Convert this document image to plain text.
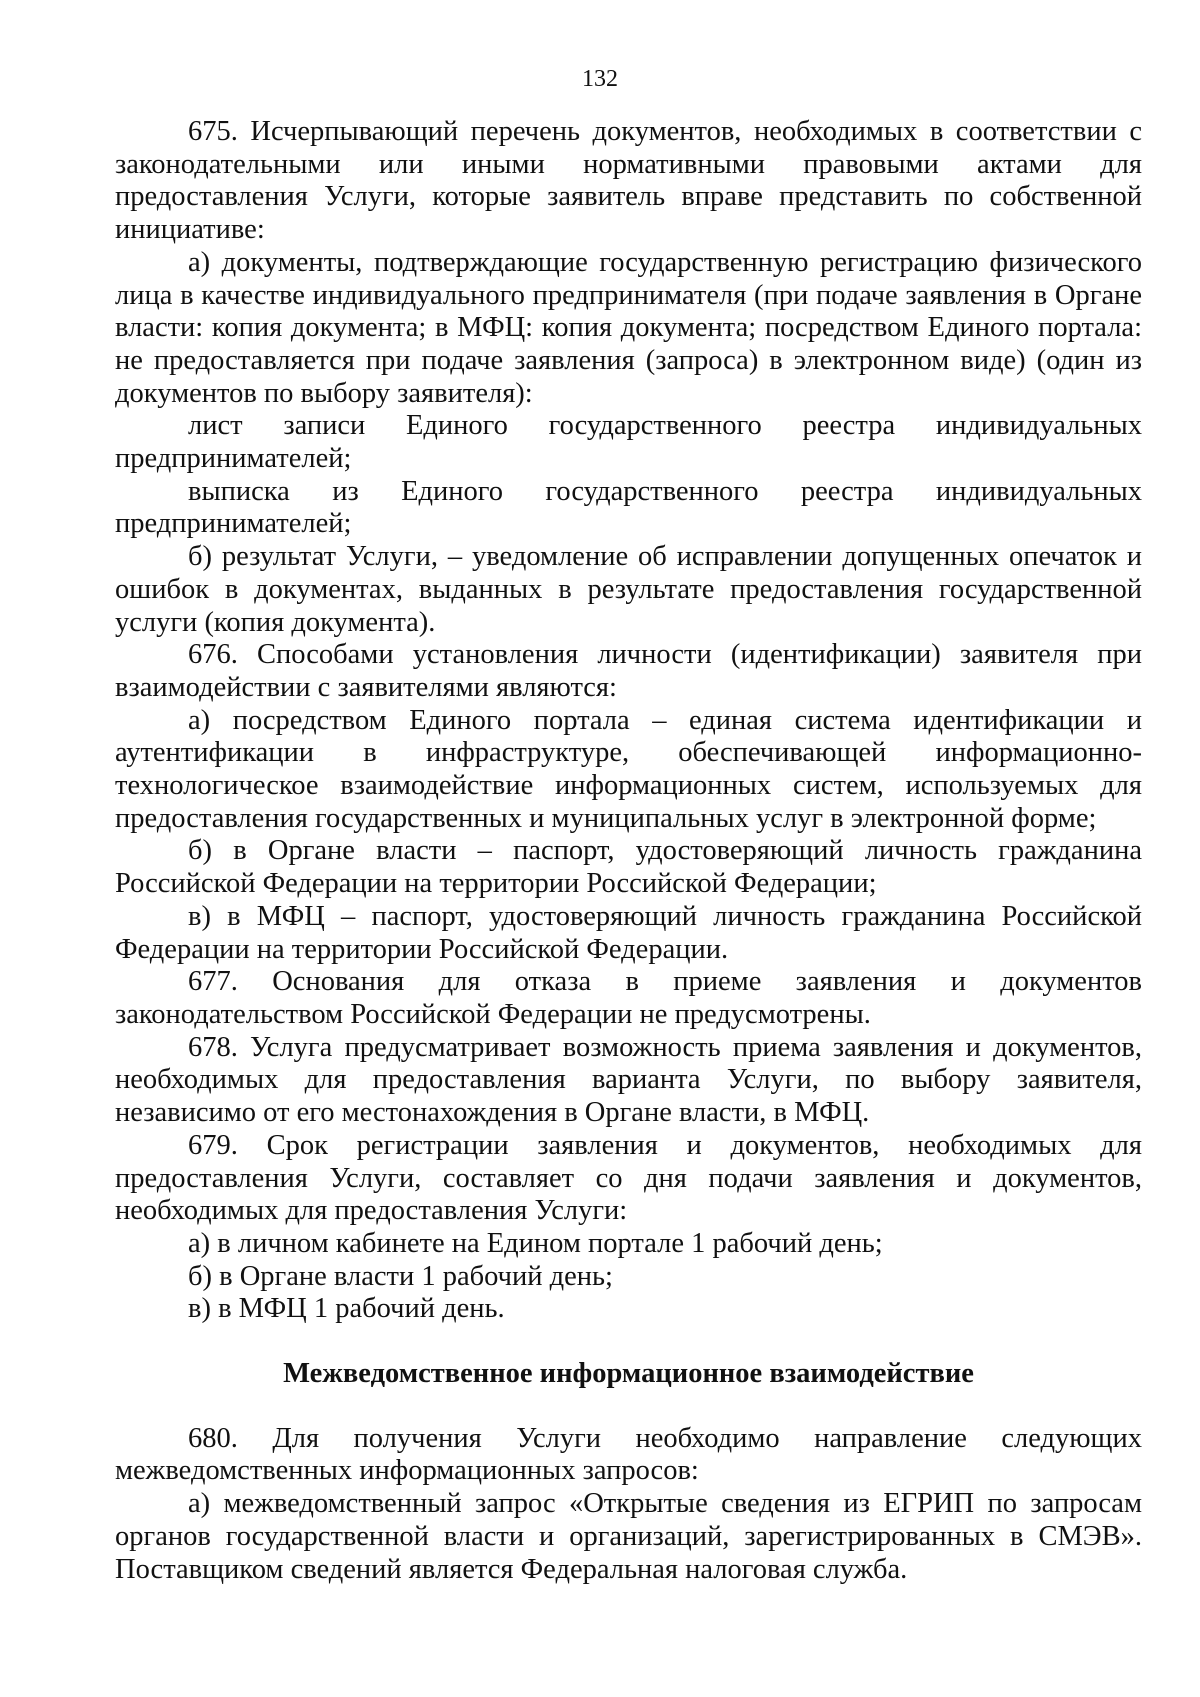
132

675. Исчерпывающий перечень документов, необходимых в соответствии с законодательными или иными нормативными правовыми актами для предоставления Услуги, которые заявитель вправе представить по собственной инициативе:

а) документы, подтверждающие государственную регистрацию физического лица в качестве индивидуального предпринимателя (при подаче заявления в Органе власти: копия документа; в МФЦ: копия документа; посредством Единого портала: не предоставляется при подаче заявления (запроса) в электронном виде) (один из документов по выбору заявителя):

лист записи Единого государственного реестра индивидуальных предпринимателей;

выписка из Единого государственного реестра индивидуальных предпринимателей;

б) результат Услуги, – уведомление об исправлении допущенных опечаток и ошибок в документах, выданных в результате предоставления государственной услуги (копия документа).

676. Способами установления личности (идентификации) заявителя при взаимодействии с заявителями являются:

а) посредством Единого портала – единая система идентификации и аутентификации в инфраструктуре, обеспечивающей информационно-технологическое взаимодействие информационных систем, используемых для предоставления государственных и муниципальных услуг в электронной форме;

б) в Органе власти – паспорт, удостоверяющий личность гражданина Российской Федерации на территории Российской Федерации;

в) в МФЦ – паспорт, удостоверяющий личность гражданина Российской Федерации на территории Российской Федерации.

677. Основания для отказа в приеме заявления и документов законодательством Российской Федерации не предусмотрены.

678. Услуга предусматривает возможность приема заявления и документов, необходимых для предоставления варианта Услуги, по выбору заявителя, независимо от его местонахождения в Органе власти, в МФЦ.

679. Срок регистрации заявления и документов, необходимых для предоставления Услуги, составляет со дня подачи заявления и документов, необходимых для предоставления Услуги:

а) в личном кабинете на Едином портале 1 рабочий день;

б) в Органе власти 1 рабочий день;

в) в МФЦ 1 рабочий день.

Межведомственное информационное взаимодействие

680. Для получения Услуги необходимо направление следующих межведомственных информационных запросов:

а) межведомственный запрос «Открытые сведения из ЕГРИП по запросам органов государственной власти и организаций, зарегистрированных в СМЭВ». Поставщиком сведений является Федеральная налоговая служба.
